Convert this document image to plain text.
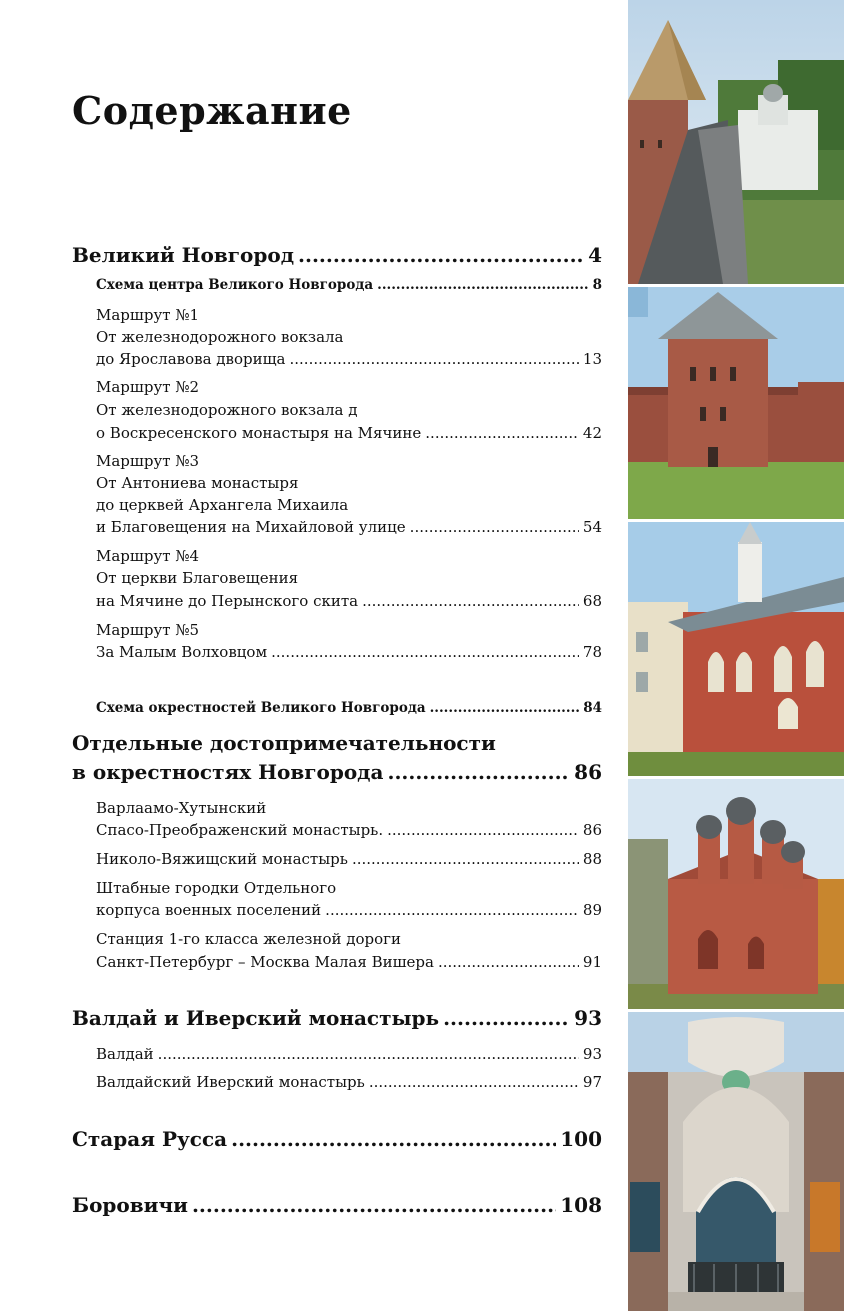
Содержание
Великий Новгород .....	4
Схема центра Великого Новгорода .....	8
Маршрут №1
От железнодорожного вокзала
до Ярославова дворища .....	13
Маршрут №2
От железнодорожного вокзала д
о Воскресенского монастыря на Мячине .....	42
Маршрут №3
От Антониева монастыря
до церквей Архангела Михаила
и Благовещения на Михайловой улице .....	54
Маршрут №4
От церкви Благовещения
на Мячине до Перынского скита .....	68
Маршрут №5
За Малым Волховцом .....	78
Схема окрестностей Великого Новгорода .....	84
Отдельные достопримечательности
в окрестностях Новгорода .....	86
Варлаамо-Хутынский
Спасо-Преображенский монастырь. .....	86
Николо-Вяжищский монастырь .....	88
Штабные городки Отдельного
корпуса военных поселений .....	89
Станция 1-го класса железной дороги
Санкт-Петербург – Москва Малая Вишера .....	91
Валдай и Иверский монастырь .....	93
Валдай .....	93
Валдайский Иверский монастырь .....	97
Старая Русса .....	100
Боровичи .....	108
